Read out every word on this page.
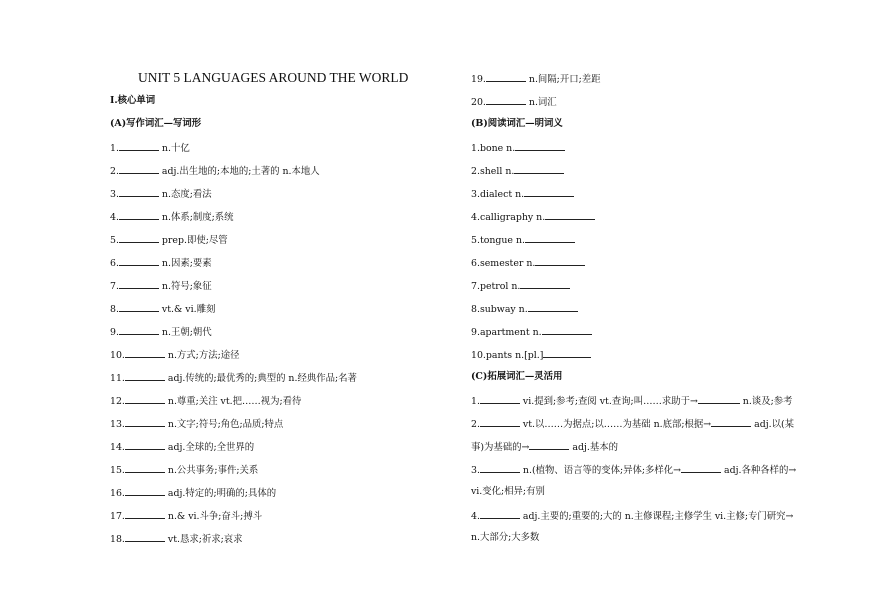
UNIT 5 LANGUAGES AROUND THE WORLD
Ⅰ.核心单词
(A)写作词汇—写词形
1.	n.十亿
2.	adj.出生地的;本地的;土著的 n.本地人
3.	n.态度;看法
4.	n.体系;制度;系统
5.	prep.即使;尽管
6.	n.因素;要素
7.	n.符号;象征
8.	vt.& vi.雕刻
9.	n.王朝;朝代
10.	n.方式;方法;途径
11.	adj.传统的;最优秀的;典型的 n.经典作品;名著
12.	n.尊重;关注 vt.把……视为;看待
13.	n.文字;符号;角色;品质;特点
14.	adj.全球的;全世界的
15.	n.公共事务;事件;关系
16.	adj.特定的;明确的;具体的
17.	n.& vi.斗争;奋斗;搏斗
18.	vt.恳求;祈求;哀求
19.	n.间隔;开口;差距
20.	n.词汇
(B)阅读词汇—明词义
1.bone n.
2.shell n.
3.dialect n.
4.calligraphy n.
5.tongue n.
6.semester n.
7.petrol n.
8.subway n.
9.apartment n.
10.pants n.[pl.]
(C)拓展词汇—灵活用
1.	vi.提到;参考;查阅 vt.查询;叫……求助于→	n.谈及;参考
2.	vt.以……为据点;以……为基础 n.底部;根据→	adj.以(某
事)为基础的→	adj.基本的
3.	n.(植物、语言等的变体;异体;多样化→	adj.各种各样的→
vi.变化;相异;有别
4.	adj.主要的;重要的;大的 n.主修课程;主修学生 vi.主修;专门研究→
n.大部分;大多数
